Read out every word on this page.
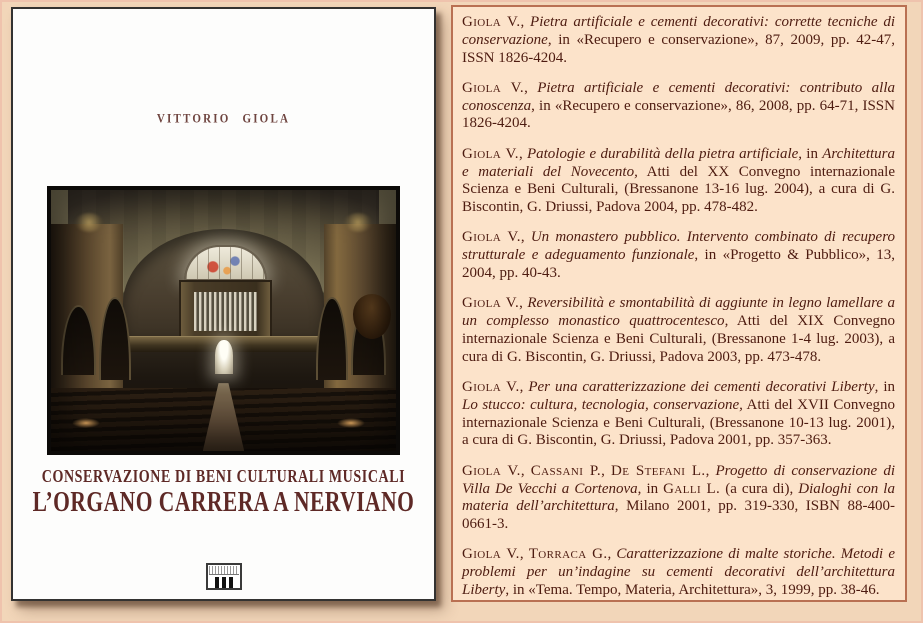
VITTORIO GIOLA
CONSERVAZIONE DI BENI CULTURALI MUSICALI
L’ORGANO CARRERA A NERVIANO

Giola V., Pietra artificiale e cementi decorativi: corrette tecniche di conservazione, in «Recupero e conservazione», 87, 2009, pp. 42-47, ISSN 1826-4204.

Giola V., Pietra artificiale e cementi decorativi: contributo alla conoscenza, in «Recupero e conservazione», 86, 2008, pp. 64-71, ISSN 1826-4204.

Giola V., Patologie e durabilità della pietra artificiale, in Architettura e materiali del Novecento, Atti del XX Convegno internazionale Scienza e Beni Culturali, (Bressanone 13-16 lug. 2004), a cura di G. Biscontin, G. Driussi, Padova 2004, pp. 478-482.

Giola V., Un monastero pubblico. Intervento combinato di recupero strutturale e adeguamento funzionale, in «Progetto & Pubblico», 13, 2004, pp. 40-43.

Giola V., Reversibilità e smontabilità di aggiunte in legno lamellare a un complesso monastico quattrocentesco, Atti del XIX Convegno internazionale Scienza e Beni Culturali, (Bressanone 1-4 lug. 2003), a cura di G. Biscontin, G. Driussi, Padova 2003, pp. 473-478.

Giola V., Per una caratterizzazione dei cementi decorativi Liberty, in Lo stucco: cultura, tecnologia, conservazione, Atti del XVII Convegno internazionale Scienza e Beni Culturali, (Bressanone 10-13 lug. 2001), a cura di G. Biscontin, G. Driussi, Padova 2001, pp. 357-363.

Giola V., Cassani P., De Stefani L., Progetto di conservazione di Villa De Vecchi a Cortenova, in Galli L. (a cura di), Dialoghi con la materia dell’architettura, Milano 2001, pp. 319-330, ISBN 88-400-0661-3.

Giola V., Torraca G., Caratterizzazione di malte storiche. Metodi e problemi per un’indagine su cementi decorativi dell’architettura Liberty, in «Tema. Tempo, Materia, Architettura», 3, 1999, pp. 38-46.
